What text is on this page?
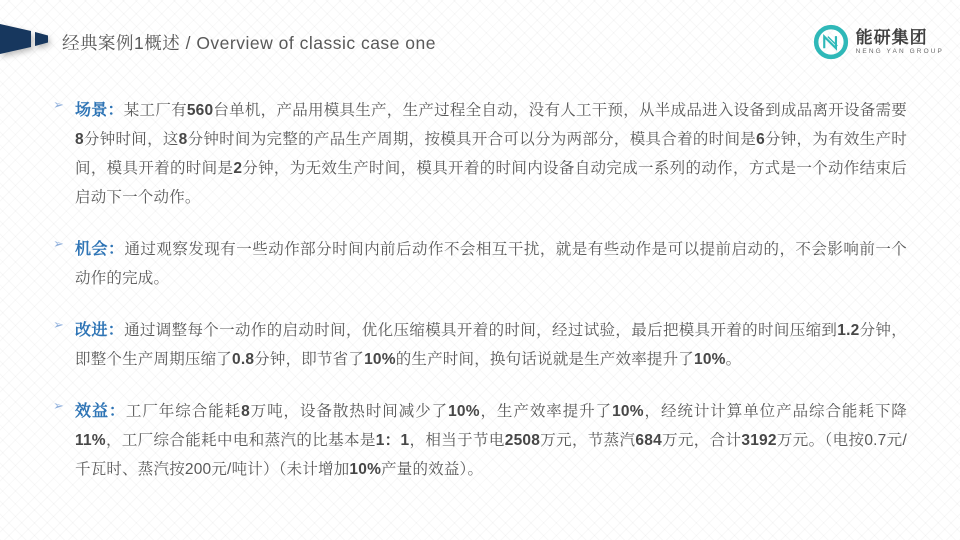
经典案例1概述 / Overview of classic case one	能研集团
NENG YAN GROUP
➢ 场景：某工厂有560台单机，产品用模具生产，生产过程全自动，没有人工干预，从半成品进入设备到成品离开设备需要8分钟时间，这8分钟时间为完整的产品生产周期，按模具开合可以分为两部分，模具合着的时间是6分钟，为有效生产时间，模具开着的时间是2分钟，为无效生产时间，模具开着的时间内设备自动完成一系列的动作，方式是一个动作结束后启动下一个动作。

➢ 机会：通过观察发现有一些动作部分时间内前后动作不会相互干扰，就是有些动作是可以提前启动的，不会影响前一个动作的完成。

➢ 改进：通过调整每个一动作的启动时间，优化压缩模具开着的时间，经过试验，最后把模具开着的时间压缩到1.2分钟，即整个生产周期压缩了0.8分钟，即节省了10%的生产时间，换句话说就是生产效率提升了10%。

➢ 效益：工厂年综合能耗8万吨，设备散热时间减少了10%，生产效率提升了10%，经统计计算单位产品综合能耗下降11%，工厂综合能耗中电和蒸汽的比基本是1：1，相当于节电2508万元，节蒸汽684万元，合计3192万元。（电按0.7元/千瓦时、蒸汽按200元/吨计）（未计增加10%产量的效益）。
